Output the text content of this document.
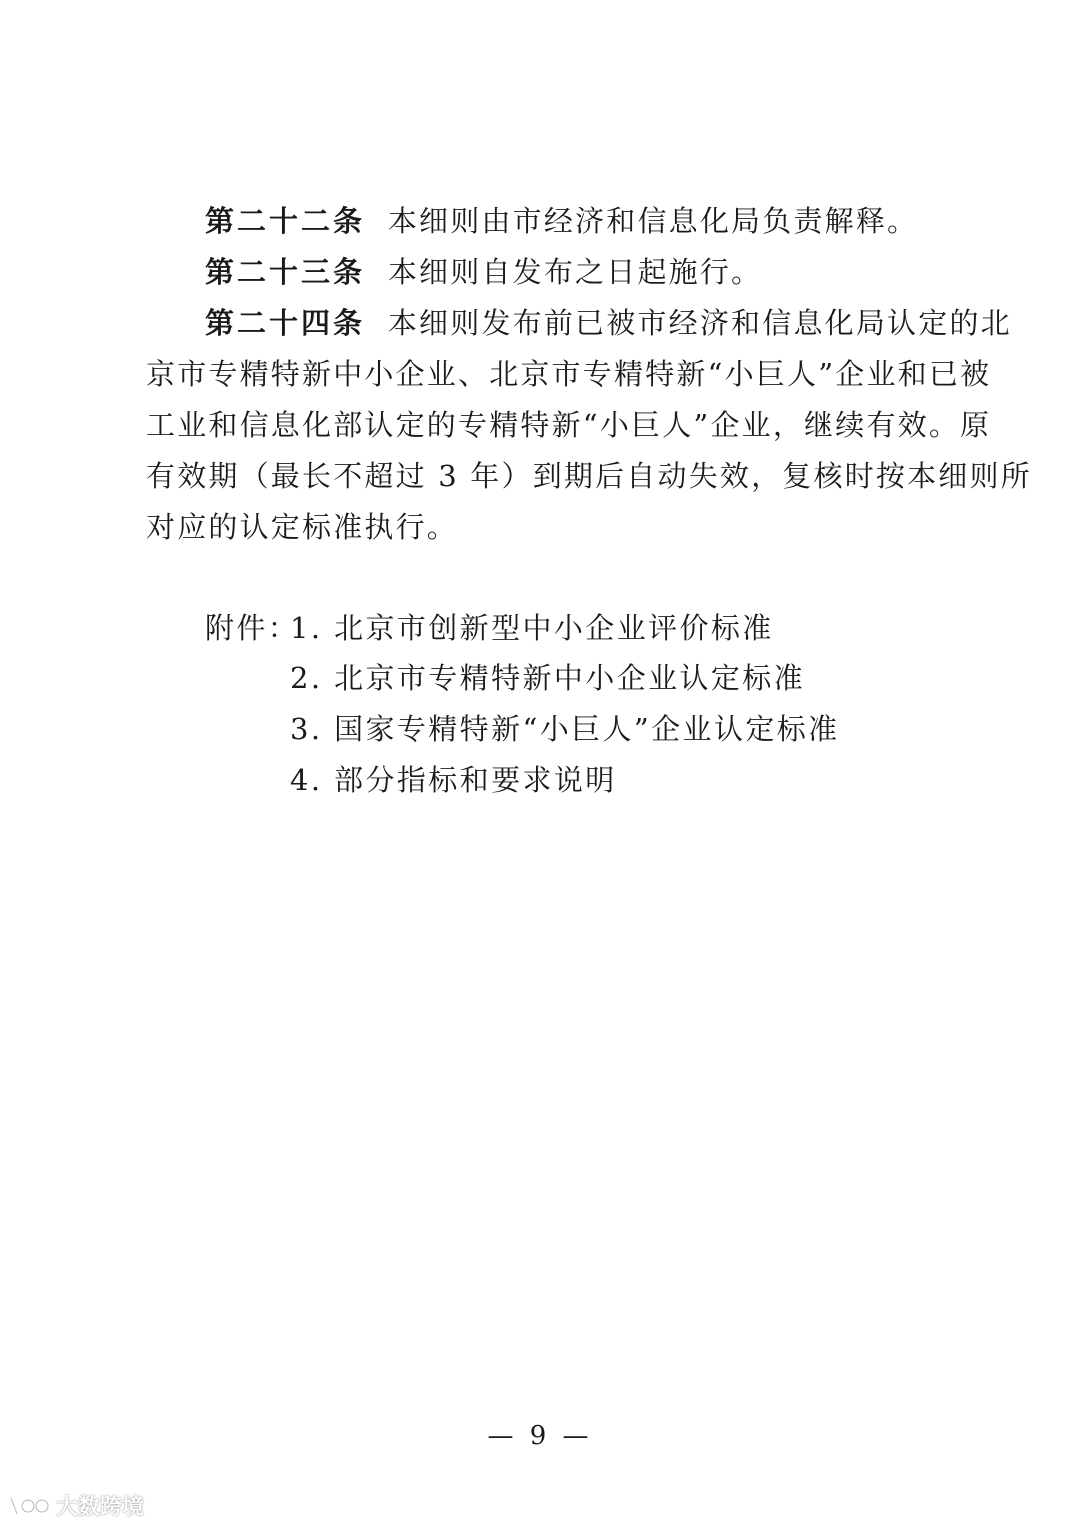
第二十二条 本细则由市经济和信息化局负责解释。
第二十三条 本细则自发布之日起施行。
第二十四条 本细则发布前已被市经济和信息化局认定的北
京市专精特新中小企业、北京市专精特新“小巨人”企业和已被
工业和信息化部认定的专精特新“小巨人”企业，继续有效。原
有效期（最长不超过 3 年）到期后自动失效，复核时按本细则所
对应的认定标准执行。
附件：
1. 北京市创新型中小企业评价标准
2. 北京市专精特新中小企业认定标准
3. 国家专精特新“小巨人”企业认定标准
4. 部分指标和要求说明
— 9 —
大数跨境
